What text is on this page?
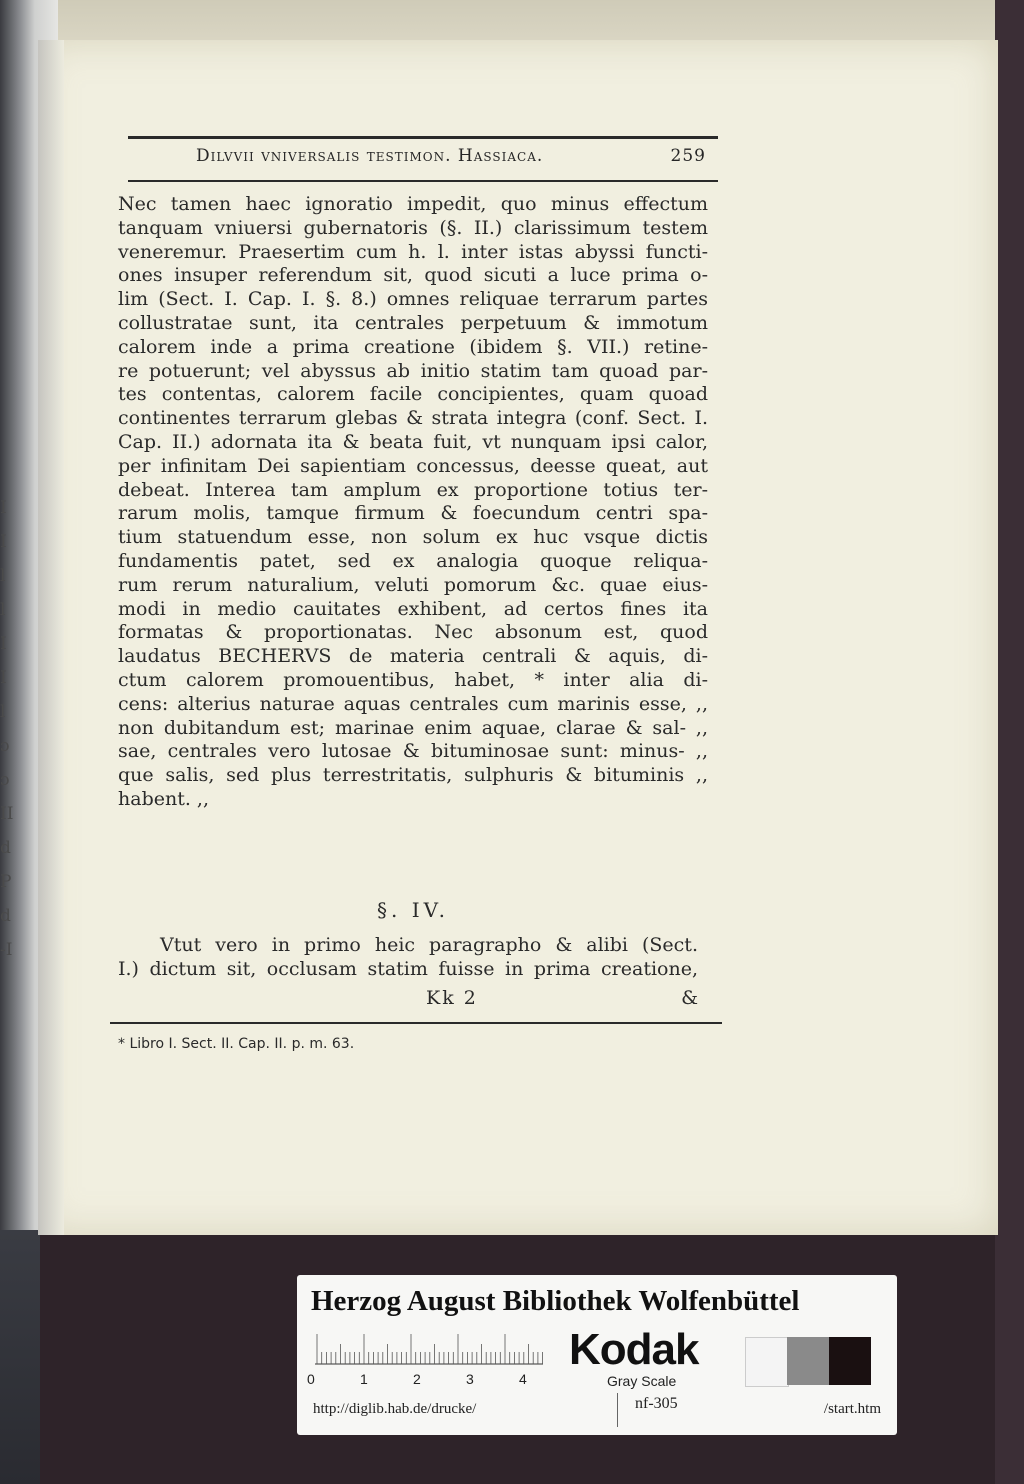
I
I
l
l
I
I
l
ɔ
ɔ
II
d
P
d
-I
Dilvvii vniversalis testimon. Hassiaca.	259
Nec tamen haec ignoratio impedit, quo minus effectum
tanquam vniuersi gubernatoris (§. II.) clarissimum testem
veneremur. Praesertim cum h. l. inter istas abyssi functi-
ones insuper referendum sit, quod sicuti a luce prima o-
lim (Sect. I. Cap. I. §. 8.) omnes reliquae terrarum partes
collustratae sunt, ita centrales perpetuum & immotum
calorem inde a prima creatione (ibidem §. VII.) retine-
re potuerunt; vel abyssus ab initio statim tam quoad par-
tes contentas, calorem facile concipientes, quam quoad
continentes terrarum glebas & strata integra (conf. Sect. I.
Cap. II.) adornata ita & beata fuit, vt nunquam ipsi calor,
per infinitam Dei sapientiam concessus, deesse queat, aut
debeat. Interea tam amplum ex proportione totius ter-
rarum molis, tamque firmum & foecundum centri spa-
tium statuendum esse, non solum ex huc vsque dictis
fundamentis patet, sed ex analogia quoque reliqua-
rum rerum naturalium, veluti pomorum &c. quae eius-
modi in medio cauitates exhibent, ad certos fines ita
formatas & proportionatas. Nec absonum est, quod
laudatus BECHERVS de materia centrali & aquis, di-
ctum calorem promouentibus, habet, * inter alia di-
cens: alterius naturae aquas centrales cum marinis esse, ,,
non dubitandum est; marinae enim aquae, clarae & sal- ,,
sae, centrales vero lutosae & bituminosae sunt: minus- ,,
que salis, sed plus terrestritatis, sulphuris & bituminis ,,
habent. ,,
§. IV.
Vtut vero in primo heic paragrapho & alibi (Sect.
I.) dictum sit, occlusam statim fuisse in prima creatione,
Kk 2	&
* Libro I. Sect. II. Cap. II. p. m. 63.
Herzog August Bibliothek Wolfenbüttel
0	1	2	3	4
Kodak
Gray Scale
http://diglib.hab.de/drucke/	nf-305	/start.htm
